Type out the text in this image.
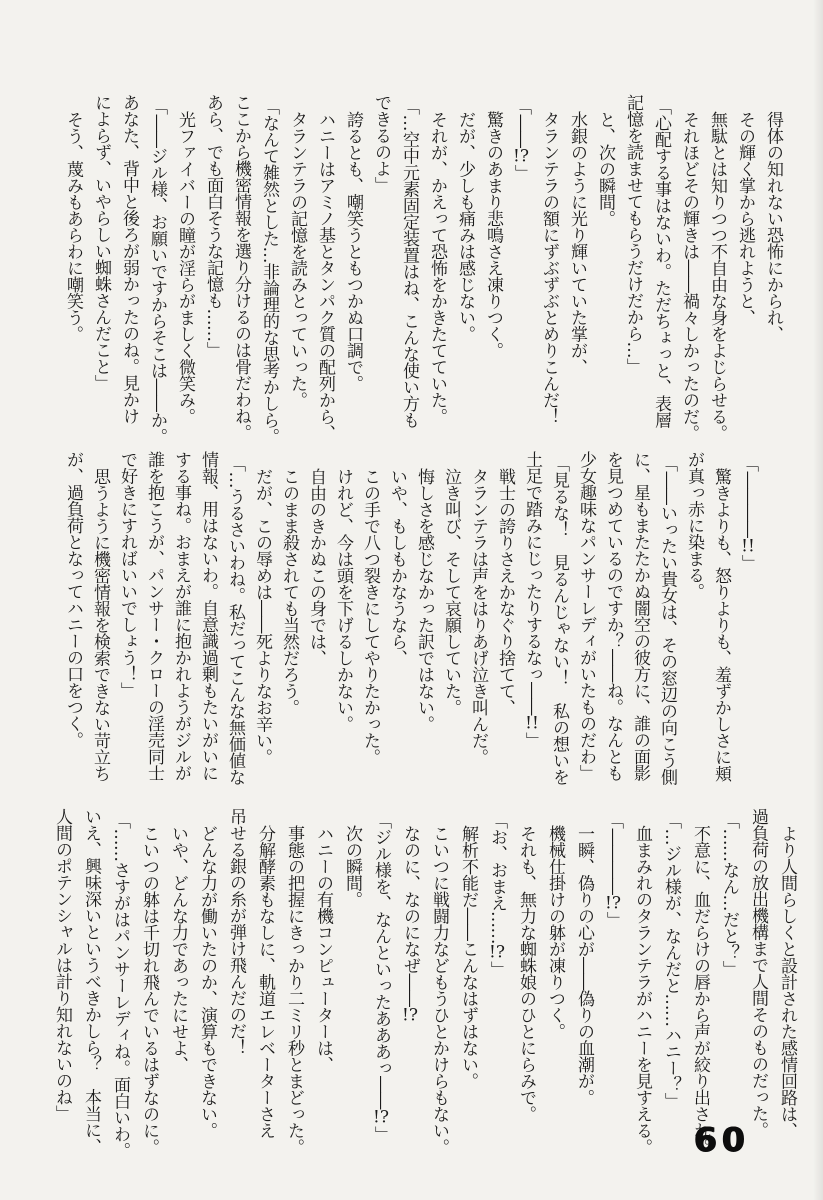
得体の知れない恐怖にかられ、
その輝く掌から逃れようと、
無駄とは知りつつ不自由な身をよじらせる。
それほどその輝きは――禍々しかったのだ。
「心配する事はないわ。ただちょっと、表層
記憶を読ませてもらうだけだから…」
と、次の瞬間。
水銀のように光り輝いていた掌が、
タランテラの額にずぶずぶとめりこんだ！
「――!?」
驚きのあまり悲鳴さえ凍りつく。
だが、少しも痛みは感じない。
それが、かえって恐怖をかきたてていた。
「…空中元素固定装置はね、こんな使い方も
できるのよ」
誇るとも、嘲笑うともつかぬ口調で。
ハニーはアミノ基とタンパク質の配列から、
タランテラの記憶を読みとっていった。
「なんて雑然とした…非論理的な思考かしら。
ここから機密情報を選り分けるのは骨だわね。
あら、でも面白そうな記憶も……」
光ファイバーの瞳が淫らがましく微笑み。
「――ジル様、お願いですからそこは――か。
あなた、背中と後ろが弱かったのね。見かけ
によらず、いやらしい蜘蛛さんだこと」
そう、蔑みもあらわに嘲笑う。
「――――!!」
驚きよりも、怒りよりも、羞ずかしさに頬
が真っ赤に染まる。
「――いったい貴女は、その窓辺の向こう側
に、星もまたたかぬ闇空の彼方に、誰の面影
を見つめているのですか？――ね。なんとも
少女趣味なパンサーレディがいたものだわ」
「見るな！　見るんじゃない！　私の想いを
土足で踏みにじったりするなっ――!!」
戦士の誇りさえかなぐり捨てて、
タランテラは声をはりあげ泣き叫んだ。
泣き叫び、そして哀願していた。
悔しさを感じなかった訳ではない。
いや、もしもかなうなら、
この手で八つ裂きにしてやりたかった。
けれど、今は頭を下げるしかない。
自由のきかぬこの身では、
このまま殺されても当然だろう。
だが、この辱めは――死よりなお辛い。
「…うるさいわね。私だってこんな無価値な
情報、用はないわ。自意識過剰もたいがいに
する事ね。おまえが誰に抱かれようがジルが
誰を抱こうが、パンサー・クローの淫売同士
で好きにすればいいでしょう！」
思うように機密情報を検索できない苛立ち
が、過負荷となってハニーの口をつく。
より人間らしくと設計された感情回路は、
過負荷の放出機構まで人間そのものだった。
「……なん…だと？」
不意に、血だらけの唇から声が絞り出され。
「…ジル様が、なんだと……ハニー？」
血まみれのタランテラがハニーを見すえる。
「――――!?」
一瞬、偽りの心が――偽りの血潮が。
機械仕掛けの躰が凍りつく。
それも、無力な蜘蛛娘のひとにらみで。
「お、おまえ……!?」
解析不能だ――こんなはずはない。
こいつに戦闘力などもうひとかけらもない。
なのに、なのになぜ――!?
「ジル様を、なんといったあああっ――!?」
次の瞬間。
ハニーの有機コンピューターは、
事態の把握にきっかり二ミリ秒とまどった。
分解酵素もなしに、軌道エレベーターさえ
吊せる銀の糸が弾け飛んだのだ！
どんな力が働いたのか、演算もできない。
いや、どんな力であったにせよ、
こいつの躰は千切れ飛んでいるはずなのに。
「……さすがはパンサーレディね。面白いわ。
いえ、興味深いというべきかしら？　本当に、
人間のポテンシャルは計り知れないのね」
60
